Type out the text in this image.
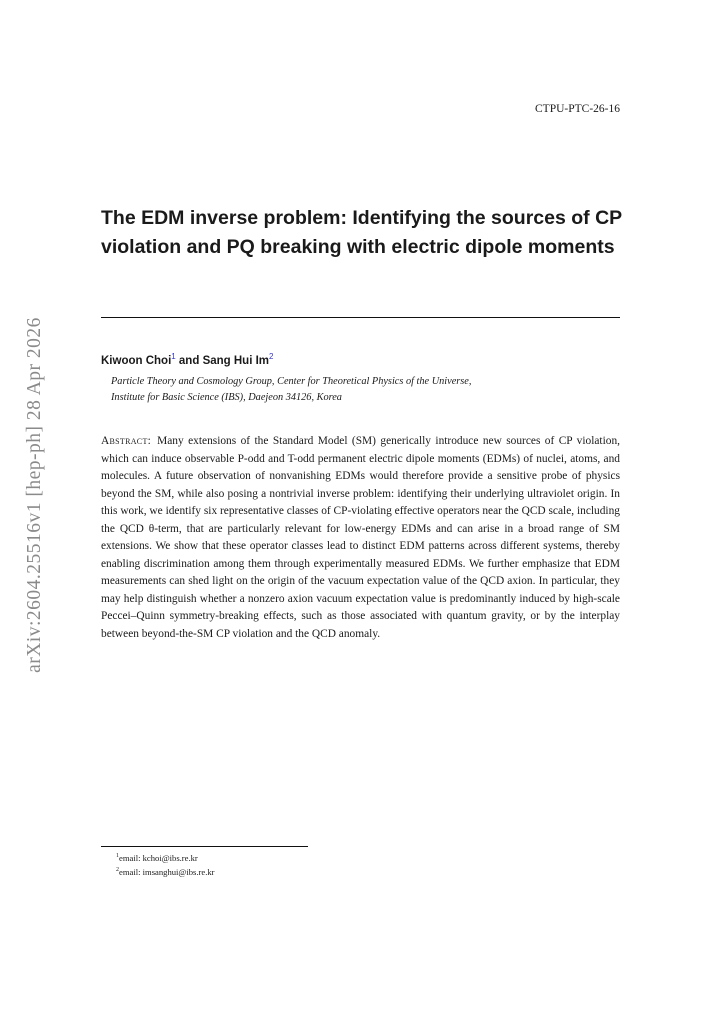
arXiv:2604.25516v1 [hep-ph] 28 Apr 2026
CTPU-PTC-26-16
The EDM inverse problem: Identifying the sources of CP violation and PQ breaking with electric dipole moments
Kiwoon Choi$^1$ and Sang Hui Im$^2$
Particle Theory and Cosmology Group, Center for Theoretical Physics of the Universe,
Institute for Basic Science (IBS), Daejeon 34126, Korea

Abstract: Many extensions of the Standard Model (SM) generically introduce new sources of CP violation, which can induce observable P-odd and T-odd permanent electric dipole moments (EDMs) of nuclei, atoms, and molecules. A future observation of nonvanishing EDMs would therefore provide a sensitive probe of physics beyond the SM, while also posing a nontrivial inverse problem: identifying their underlying ultraviolet origin. In this work, we identify six representative classes of CP-violating effective operators near the QCD scale, including the QCD θ-term, that are particularly relevant for low-energy EDMs and can arise in a broad range of SM extensions. We show that these operator classes lead to distinct EDM patterns across different systems, thereby enabling discrimination among them through experimentally measured EDMs. We further emphasize that EDM measurements can shed light on the origin of the vacuum expectation value of the QCD axion. In particular, they may help distinguish whether a nonzero axion vacuum expectation value is predominantly induced by high-scale Peccei–Quinn symmetry-breaking effects, such as those associated with quantum gravity, or by the interplay between beyond-the-SM CP violation and the QCD anomaly.

$^1$email: kchoi@ibs.re.kr
$^2$email: imsanghui@ibs.re.kr
